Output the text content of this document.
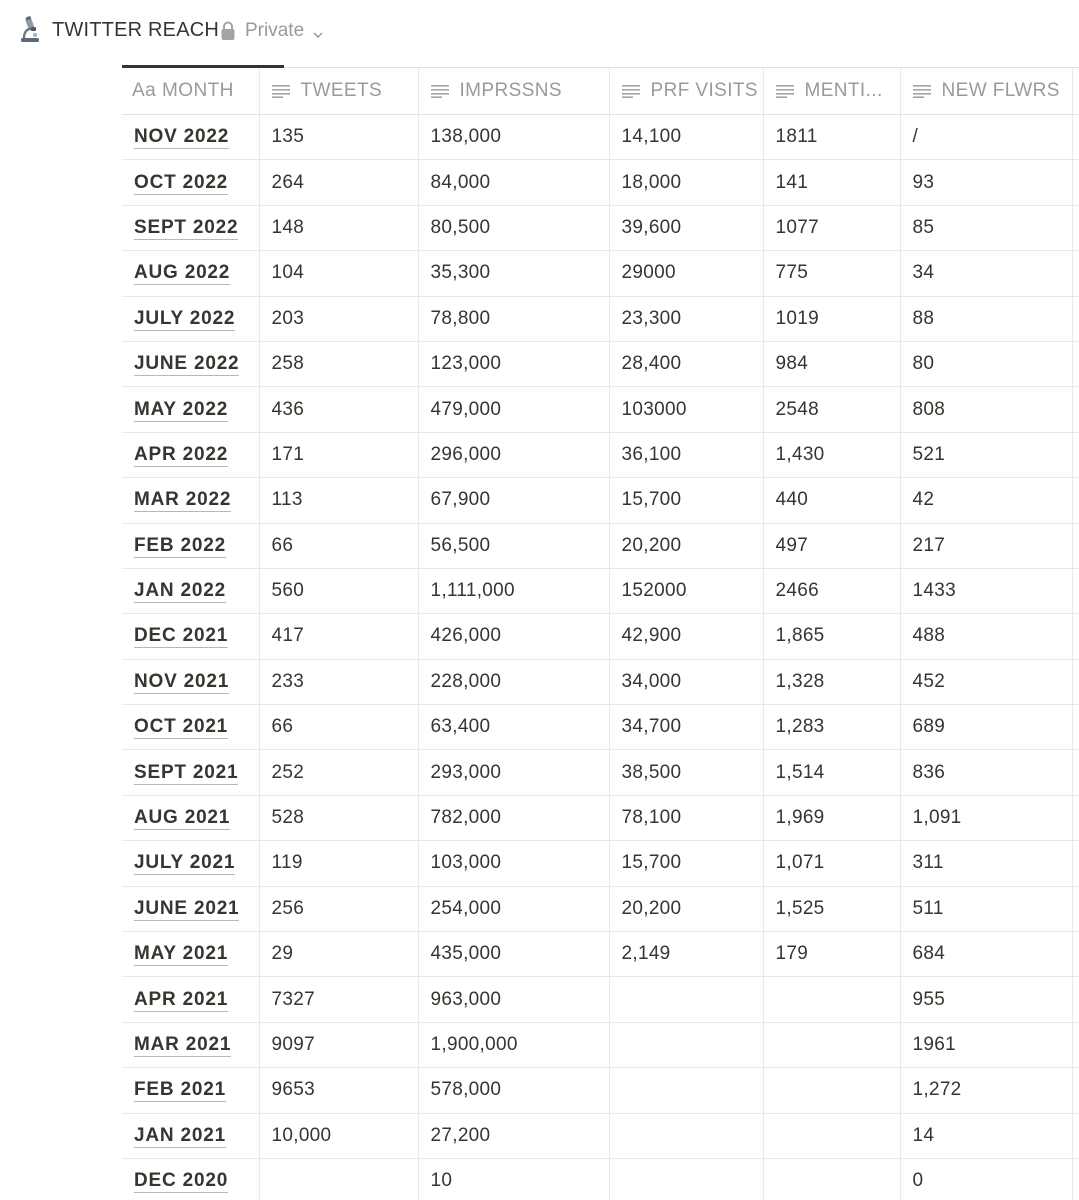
TWITTER REACH Private
Aa MONTH	TWEETS	IMPRSSNS	PRF VISITS	MENTI...	NEW FLWRS	
NOV 2022	135	138,000	14,100	1811	/	
OCT 2022	264	84,000	18,000	141	93	
SEPT 2022	148	80,500	39,600	1077	85	
AUG 2022	104	35,300	29000	775	34	
JULY 2022	203	78,800	23,300	1019	88	
JUNE 2022	258	123,000	28,400	984	80	
MAY 2022	436	479,000	103000	2548	808	
APR 2022	171	296,000	36,100	1,430	521	
MAR 2022	113	67,900	15,700	440	42	
FEB 2022	66	56,500	20,200	497	217	
JAN 2022	560	1,111,000	152000	2466	1433	
DEC 2021	417	426,000	42,900	1,865	488	
NOV 2021	233	228,000	34,000	1,328	452	
OCT 2021	66	63,400	34,700	1,283	689	
SEPT 2021	252	293,000	38,500	1,514	836	
AUG 2021	528	782,000	78,100	1,969	1,091	
JULY 2021	119	103,000	15,700	1,071	311	
JUNE 2021	256	254,000	20,200	1,525	511	
MAY 2021	29	435,000	2,149	179	684	
APR 2021	7327	963,000			955	
MAR 2021	9097	1,900,000			1961	
FEB 2021	9653	578,000			1,272	
JAN 2021	10,000	27,200			14	
DEC 2020		10			0	
